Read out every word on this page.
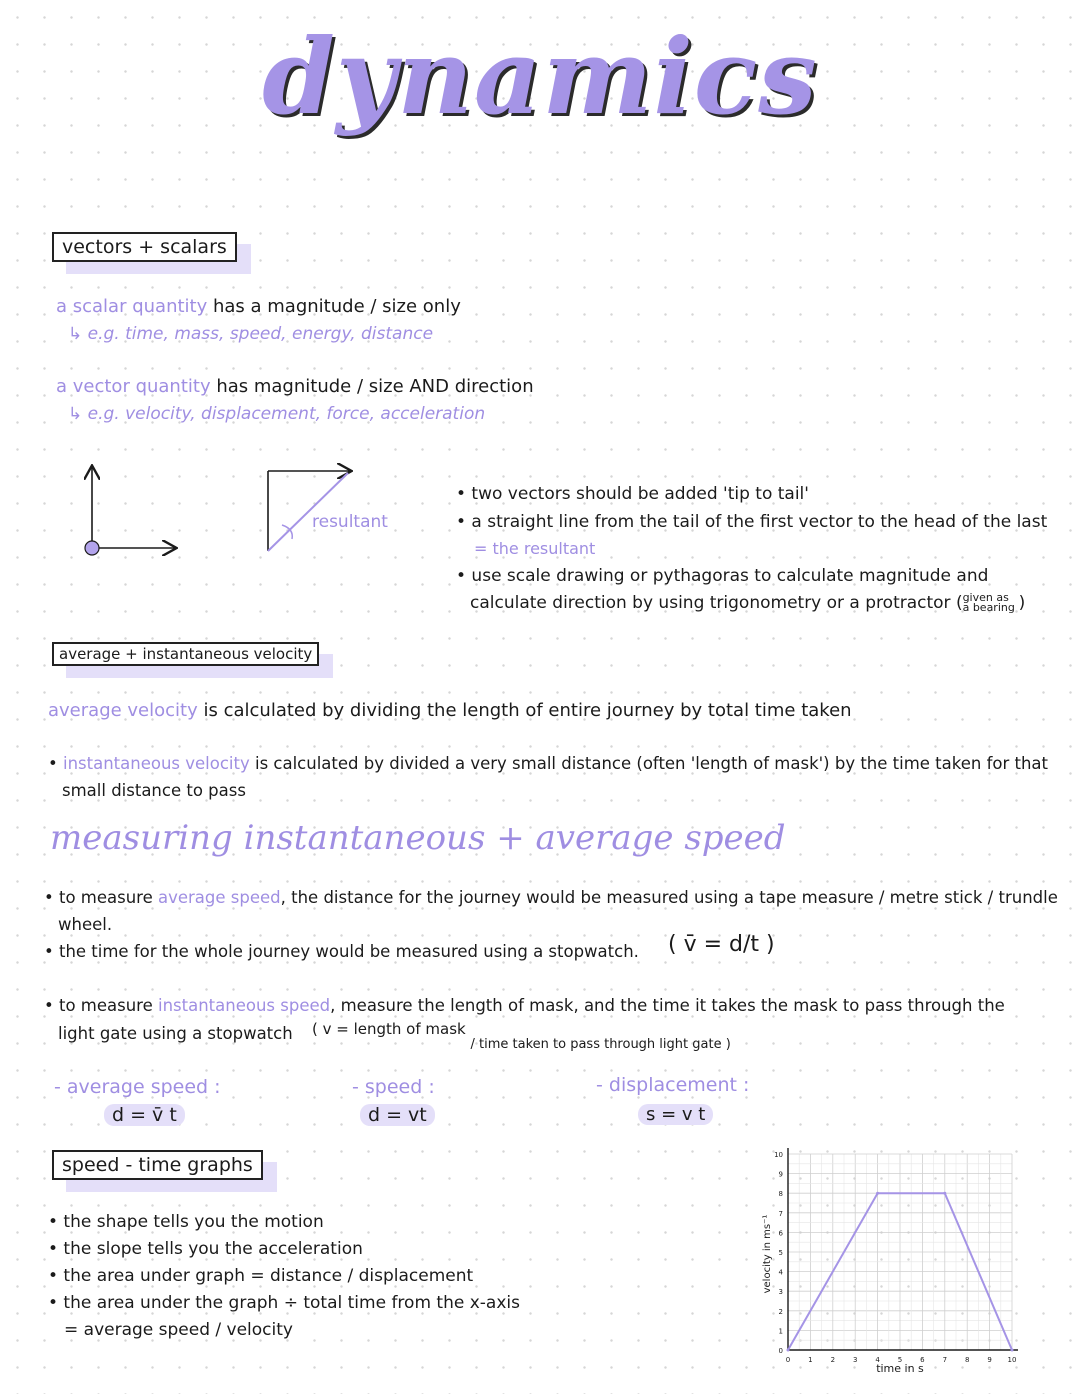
dynamics
vectors + scalars
a scalar quantity has a magnitude / size only
↳ e.g. time, mass, speed, energy, distance
a vector quantity has magnitude / size AND direction
↳ e.g. velocity, displacement, force, acceleration
resultant
• two vectors should be added 'tip to tail'
• a straight line from the tail of the first vector to the head of the last
= the resultant
• use scale drawing or pythagoras to calculate magnitude and
calculate direction by using trigonometry or a protractor (given as a bearing )
average + instantaneous velocity
average velocity is calculated by dividing the length of entire journey by total time taken
• instantaneous velocity is calculated by divided a very small distance (often 'length of mask') by the time taken for that
small distance to pass
measuring instantaneous + average speed
• to measure average speed, the distance for the journey would be measured using a tape measure / metre stick / trundle
wheel.
• the time for the whole journey would be measured using a stopwatch. ( v̄ = d/t )
• to measure instantaneous speed, measure the length of mask, and the time it takes the mask to pass through the
light gate using a stopwatch ( v = length of mask / time taken to pass through light gate )
- average speed :
d = v̄ t
- speed :
d = vt
- displacement :
s = v t
speed - time graphs
• the shape tells you the motion
• the slope tells you the acceleration
• the area under graph = distance / displacement
• the area under the graph ÷ total time from the x-axis
= average speed / velocity
0	1	2	3	4	5	6	7	8	9 10
0
1
2
3
4
5
6
7
8
9
10
time in s
velocity in ms⁻¹
